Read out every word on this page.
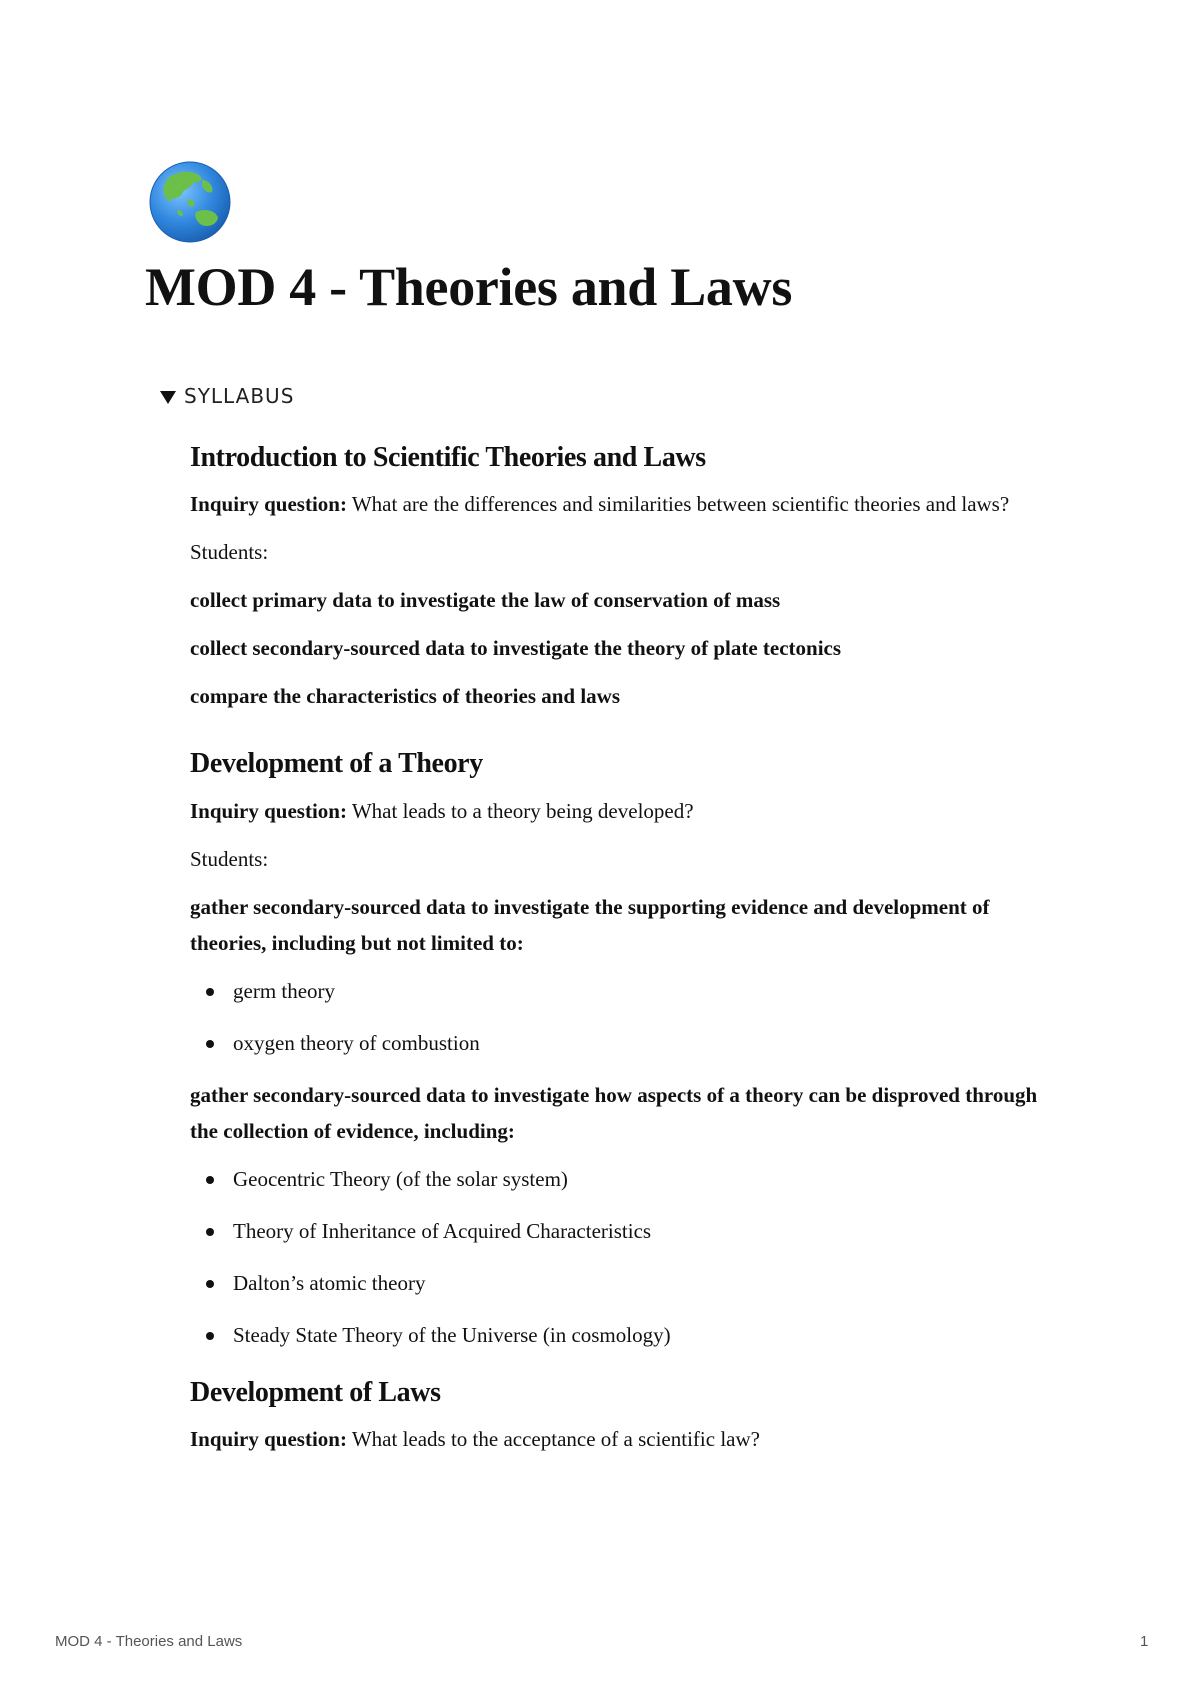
MOD 4 - Theories and Laws
SYLLABUS
Introduction to Scientific Theories and Laws

Inquiry question: What are the differences and similarities between scientific theories and laws?

Students:

collect primary data to investigate the law of conservation of mass

collect secondary-sourced data to investigate the theory of plate tectonics

compare the characteristics of theories and laws

Development of a Theory

Inquiry question: What leads to a theory being developed?

Students:

gather secondary-sourced data to investigate the supporting evidence and development of theories, including but not limited to:

germ theory
oxygen theory of combustion

gather secondary-sourced data to investigate how aspects of a theory can be disproved through the collection of evidence, including:

Geocentric Theory (of the solar system)
Theory of Inheritance of Acquired Characteristics
Dalton’s atomic theory
Steady State Theory of the Universe (in cosmology)
Development of Laws

Inquiry question: What leads to the acceptance of a scientific law?

MOD 4 - Theories and Laws	1
